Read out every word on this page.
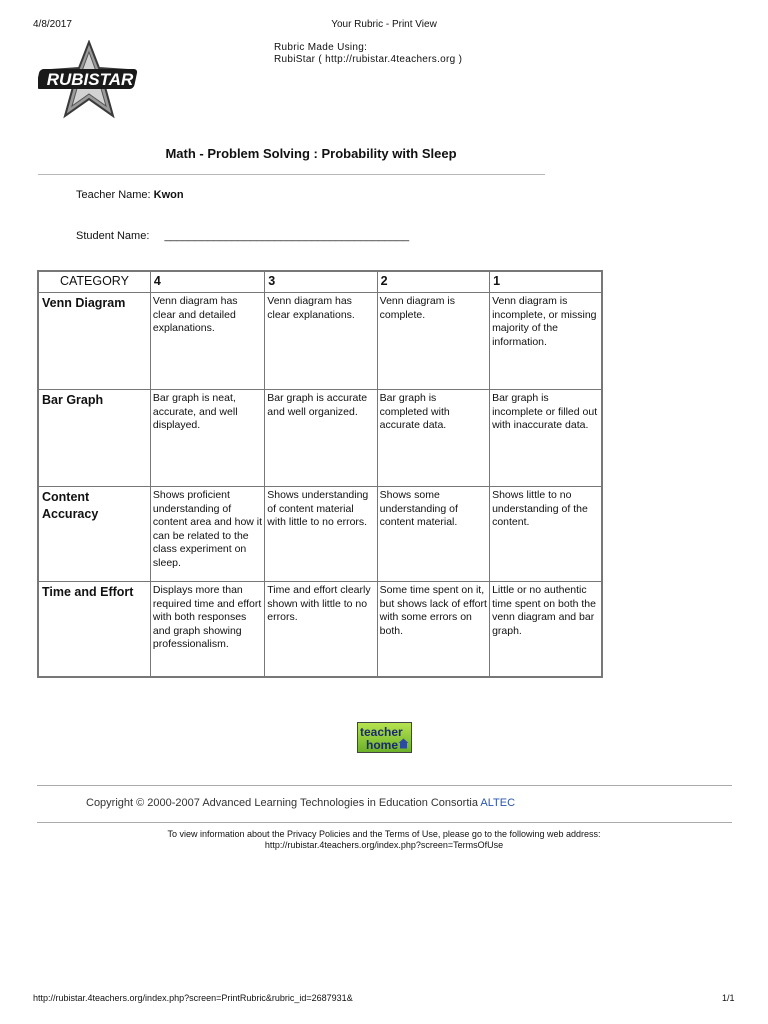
4/8/2017	Your Rubric - Print View
Rubric Made Using:
RubiStar ( http://rubistar.4teachers.org )
RUBISTAR
Math - Problem Solving : Probability with Sleep
Teacher Name: Kwon
Student Name: ________________________________________
CATEGORY	4	3	2	1
Venn Diagram	Venn diagram has clear and detailed explanations.	Venn diagram has clear explanations.	Venn diagram is complete.	Venn diagram is incomplete, or missing majority of the information.
Bar Graph	Bar graph is neat, accurate, and well displayed.	Bar graph is accurate and well organized.	Bar graph is completed with accurate data.	Bar graph is incomplete or filled out with inaccurate data.
Content Accuracy	Shows proficient understanding of content area and how it can be related to the class experiment on sleep.	Shows understanding of content material with little to no errors.	Shows some understanding of content material.	Shows little to no understanding of the content.
Time and Effort	Displays more than required time and effort with both responses and graph showing professionalism.	Time and effort clearly shown with little to no errors.	Some time spent on it, but shows lack of effort with some errors on both.	Little or no authentic time spent on both the venn diagram and bar graph.
teacher
home
Copyright © 2000-2007 Advanced Learning Technologies in Education Consortia ALTEC
To view information about the Privacy Policies and the Terms of Use, please go to the following web address:
http://rubistar.4teachers.org/index.php?screen=TermsOfUse
http://rubistar.4teachers.org/index.php?screen=PrintRubric&rubric_id=2687931&	1/1
